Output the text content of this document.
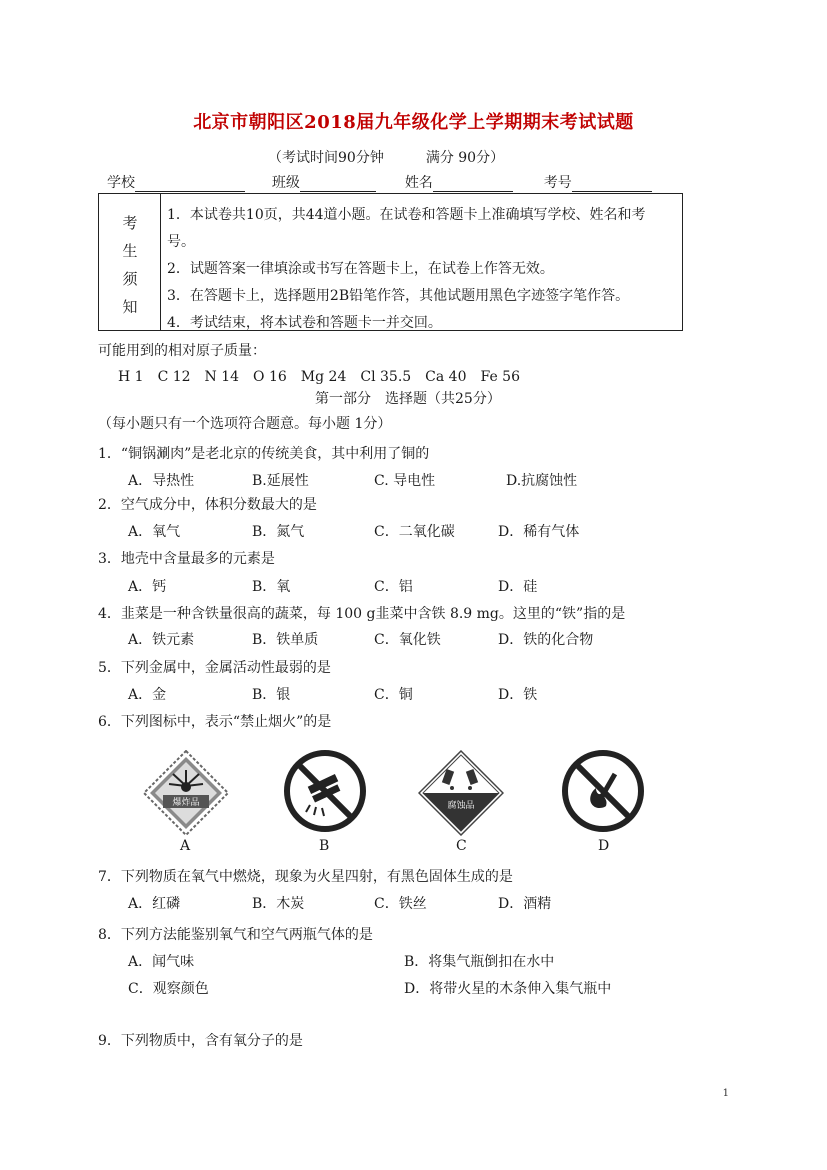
北京市朝阳区2018届九年级化学上学期期末考试试题
（考试时间90分钟　　　满分 90分）
学校	班级	姓名	考号
考
生
须
知
1．本试卷共10页，共44道小题。在试卷和答题卡上准确填写学校、姓名和考号。
2．试题答案一律填涂或书写在答题卡上，在试卷上作答无效。
3．在答题卡上，选择题用2B铅笔作答，其他试题用黑色字迹签字笔作答。
4．考试结束，将本试卷和答题卡一并交回。
可能用到的相对原子质量：
H 1　C 12　N 14　O 16　Mg 24　Cl 35.5　Ca 40　Fe 56
第一部分　选择题（共25分）
（每小题只有一个选项符合题意。每小题 1分）
1．“铜锅涮肉”是老北京的传统美食，其中利用了铜的
A．导热性	B.延展性	C. 导电性	D.抗腐蚀性
2．空气成分中，体积分数最大的是
A．氧气	B．氮气	C．二氧化碳	D．稀有气体
3．地壳中含量最多的元素是
A．钙	B．氧	C．铝	D．硅
4．韭菜是一种含铁量很高的蔬菜，每 100 g韭菜中含铁 8.9 mg。这里的“铁”指的是
A．铁元素	B．铁单质	C．氧化铁	D．铁的化合物
5．下列金属中，金属活动性最弱的是
A．金	B．银	C．铜	D．铁
6．下列图标中，表示“禁止烟火”的是
爆炸品	腐蚀品
A	B	C	D
7．下列物质在氧气中燃烧，现象为火星四射，有黑色固体生成的是
A．红磷	B．木炭	C．铁丝	D．酒精
8．下列方法能鉴别氧气和空气两瓶气体的是
A．闻气味	B．将集气瓶倒扣在水中
C．观察颜色	D．将带火星的木条伸入集气瓶中
9．下列物质中，含有氧分子的是
1
